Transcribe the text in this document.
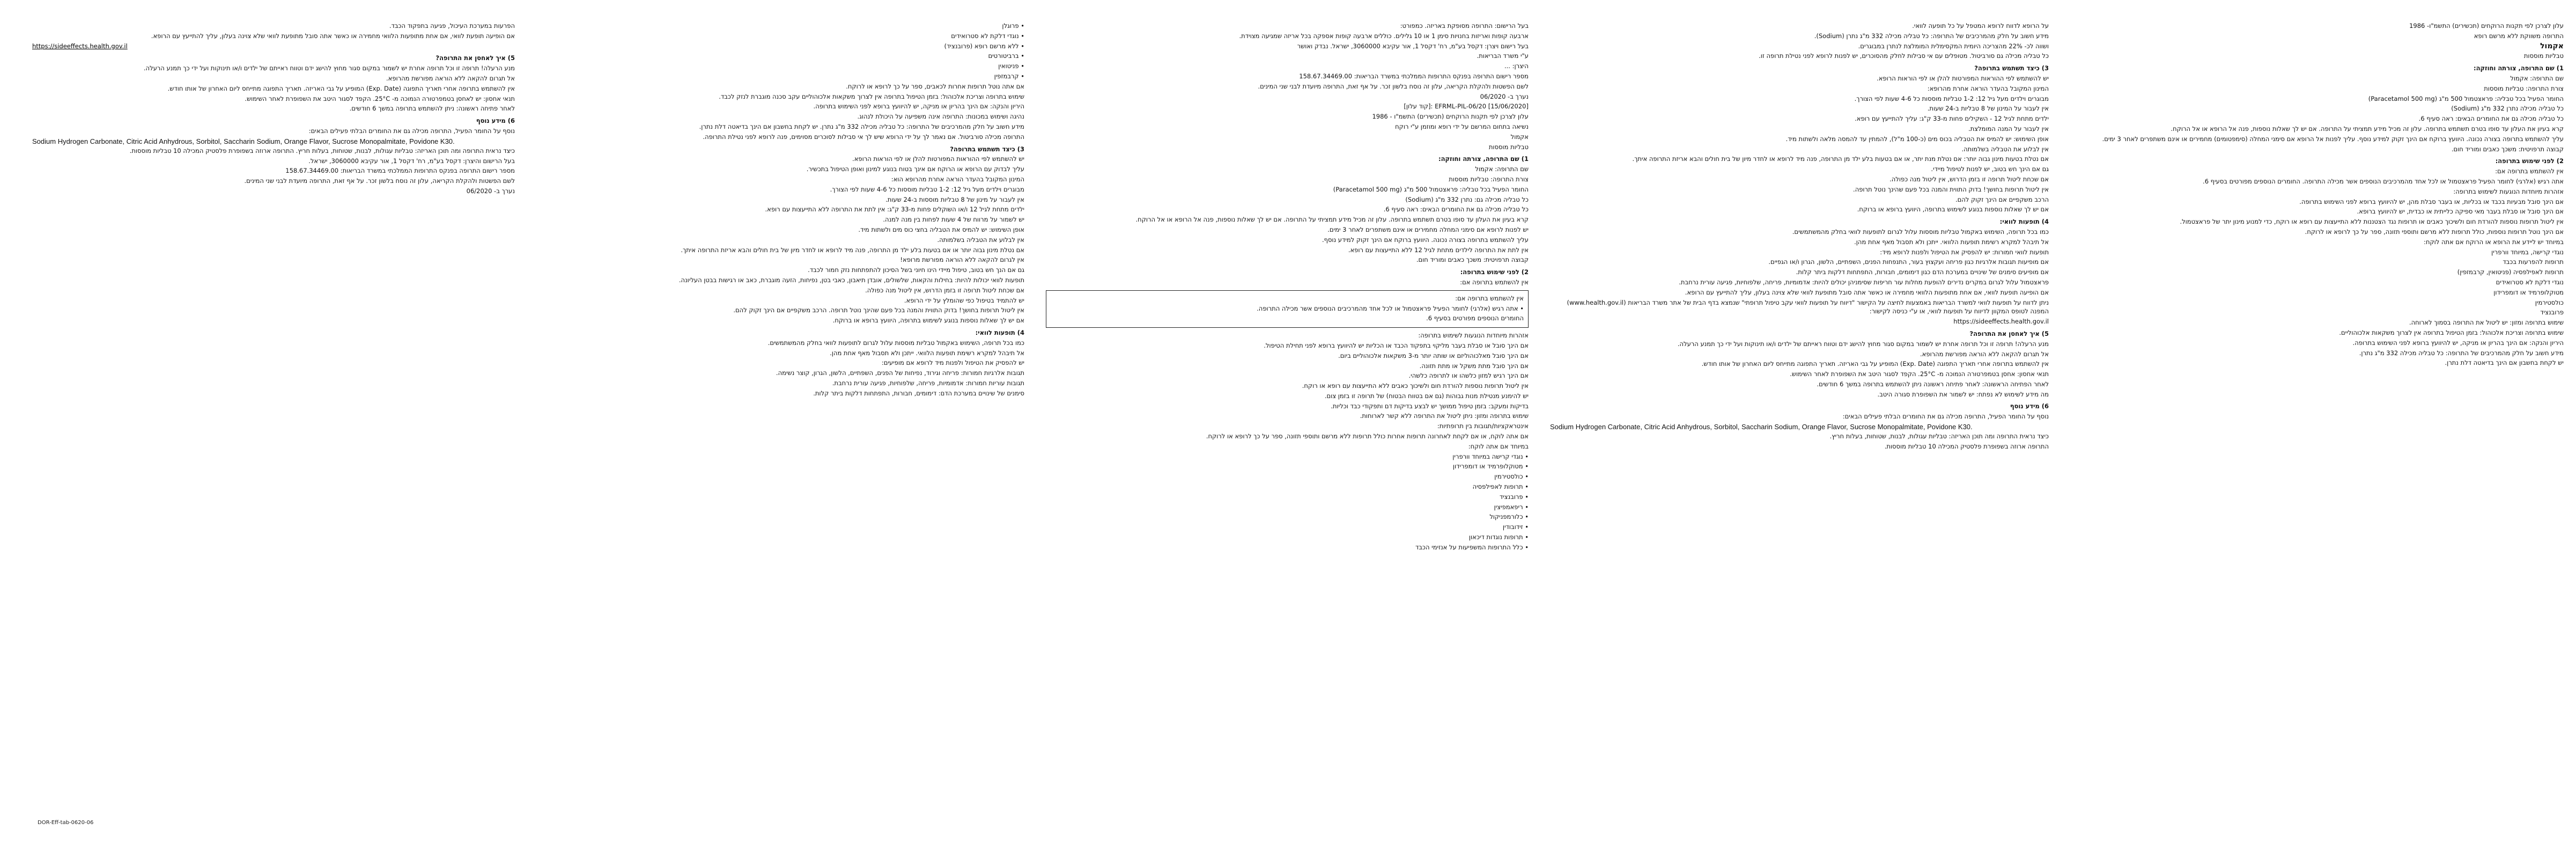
עלון לצרכן לפי תקנות הרוקחים (תכשירים) התשמ"ו- 1986
התרופה משווקת ללא מרשם רופא
אקמול
טבליות מוססות
1) שם התרופה, צורתה וחוזקה:
שם התרופה: אקמול
צורת התרופה: טבליות מוססות
החומר הפעיל בכל טבליה: פראצטמול 500 מ"ג (Paracetamol 500 mg)
כל טבליה מכילה נתרן 332 מ"ג (Sodium)
כל טבליה מכילה גם את החומרים הבאים: ראה סעיף 6.
קרא בעיון את העלון עד סופו בטרם תשתמש בתרופה. עלון זה מכיל מידע תמציתי על התרופה. אם יש לך שאלות נוספות, פנה אל הרופא או אל הרוקח.
עליך להשתמש בתרופה בצורה נכונה. היוועץ ברוקח אם הינך זקוק למידע נוסף. עליך לפנות אל הרופא אם סימני המחלה (סימפטומים) מחמירים או אינם משתפרים לאחר 3 ימים.
קבוצה תרפויטית: משכך כאבים ומוריד חום.
2) לפני שימוש בתרופה:
אין להשתמש בתרופה אם:
אתה רגיש (אלרגי) לחומר הפעיל פראצטמול או לכל אחד מהמרכיבים הנוספים אשר מכילה התרופה. החומרים הנוספים מפורטים בסעיף 6.
אזהרות מיוחדות הנוגעות לשימוש בתרופה:
אם הינך סובל מבעיות בכבד או בכליות, או בעבר סבלת מהן, יש להיוועץ ברופא לפני השימוש בתרופה.
אם הינך סובל או סבלת בעבר מאי ספיקה כלייתית או כבדית, יש להיוועץ ברופא.
אין ליטול תרופות נוספות להורדת חום ולשיכוך כאבים או תרופות נגד הצטננות ללא התייעצות עם רופא או רוקח, כדי למנוע מינון יתר של פראצטמול.
אם הינך נוטל תרופות נוספות, כולל תרופות ללא מרשם ותוספי תזונה, ספר על כך לרופא או לרוקח.
במיוחד יש ליידע את הרופא או הרוקח אם אתה לוקח:
נוגדי קרישה, במיוחד וורפרין
תרופות להפרעות בכבד
תרופות לאפילפסיה (פניטואין, קרבמזפין)
נוגדי דלקת לא סטרואידים
מטוקלופרמיד או דומפרידון
כולסטירמין
פרובנציד
שימוש בתרופה ומזון: יש ליטול את התרופה בסמוך לארוחה.
שימוש בתרופה וצריכת אלכוהול: בזמן הטיפול בתרופה אין לצרוך משקאות אלכוהוליים.
היריון והנקה: אם הינך בהריון או מניקה, יש להיוועץ ברופא לפני השימוש בתרופה.
מידע חשוב על חלק מהמרכיבים של התרופה: כל טבליה מכילה 332 מ"ג נתרן.
יש לקחת בחשבון אם הינך בדיאטה דלת נתרן.
על הרופא לדווח לרופא המטפל על כל תופעה לוואי.
מידע חשוב על חלק מהמרכיבים של התרופה: כל טבליה מכילה 332 מ"ג נתרן (Sodium).
ושווה לכ- 22% מהצריכה היומית המקסימלית המומלצת לנתרן במבוגרים.
כל טבליה מכילה גם סורביטול. מטופלים עם אי סבילות לחלק מהסוכרים, יש לפנות לרופא לפני נטילת תרופה זו.
3) כיצד תשתמש בתרופה?
יש להשתמש לפי ההוראות המפורטות להלן או לפי הוראות הרופא.
המינון המקובל בהעדר הוראה אחרת מהרופא:
מבוגרים וילדים מעל גיל 12: 1-2 טבליות מוססות כל 4-6 שעות לפי הצורך.
אין לעבור על המינון של 8 טבליות ב-24 שעות.
ילדים מתחת לגיל 12 - השקילים פחות מ-33 ק"ג: עליך להתייעץ עם רופא.
אין לעבור על המנה המומלצת.
אופן השימוש: יש להמיס את הטבליה בכוס מים (כ-100 מ"ל), להמתין עד להמסה מלאה ולשתות מיד.
אין לבלוע את הטבליה בשלמותה.
אם נטלת בטעות מינון גבוה יותר: אם נטלת מנת יתר, או אם בטעות בלע ילד מן התרופה, פנה מיד לרופא או לחדר מיון של בית חולים והבא אריזת התרופה איתך.
גם אם הינך חש בטוב, יש לפנות לטיפול מיידי.
אם שכחת ליטול תרופה זו בזמן הדרוש, אין ליטול מנה כפולה.
אין ליטול תרופות בחושך! בדוק התווית והמנה בכל פעם שהינך נוטל תרופה.
הרכב משקפיים אם הינך זקוק להם.
אם יש לך שאלות נוספות בנוגע לשימוש בתרופה, היוועץ ברופא או ברוקח.
4) תופעות לוואי:
כמו בכל תרופה, השימוש באקמול טבליות מוססות עלול לגרום לתופעות לוואי בחלק מהמשתמשים.
אל תיבהל למקרא רשימת תופעות הלוואי. ייתכן ולא תסבול מאף אחת מהן.
תופעות לוואי חמורות: יש להפסיק את הטיפול ולפנות לרופא מיד:
אם מופיעות תגובות אלרגיות כגון פריחה ועקצוץ בעור, התנפחות הפנים, השפתיים, הלשון, הגרון ו/או הגפיים.
אם מופיעים סימנים של שינויים במערכת הדם כגון דימומים, חבורות, התפתחות דלקות ביתר קלות.
פראצטמול עלול לגרום במקרים נדירים להופעת מחלות עור חריפות שסימניהן יכולים להיות: אדמומיות, פריחה, שלפוחיות, פגיעה עורית נרחבת.
אם הופיעה תופעת לוואי, אם אחת מתופעות הלוואי מחמירה או כאשר אתה סובל מתופעת לוואי שלא צוינה בעלון, עליך להתייעץ עם הרופא.
ניתן לדווח על תופעות לוואי למשרד הבריאות באמצעות לחיצה על הקישור "דיווח על תופעות לוואי עקב טיפול תרופתי" שנמצא בדף הבית של אתר משרד הבריאות (www.health.gov.il) המפנה לטופס המקוון לדיווח על תופעות לוואי, או ע"י כניסה לקישור:
https://sideeffects.health.gov.il
5) איך לאחסן את התרופה?
מנע הרעלה! תרופה זו וכל תרופה אחרת יש לשמור במקום סגור מחוץ להישג ידם וטווח ראייתם של ילדים ו/או תינוקות ועל ידי כך תמנע הרעלה.
אל תגרום להקאה ללא הוראה מפורשת מהרופא.
אין להשתמש בתרופה אחרי תאריך התפוגה (Exp. Date) המופיע על גבי האריזה. תאריך התפוגה מתייחס ליום האחרון של אותו חודש.
תנאי אחסון: אחסן בטמפרטורה הנמוכה מ- 25°C. הקפד לסגור היטב את השפופרת לאחר השימוש.
לאחר הפתיחה הראשונה: לאחר פתיחה ראשונה ניתן להשתמש בתרופה במשך 6 חודשים.
מה מידע לשימוש לא נפתח: יש לשמור את השפופרת סגורה היטב.
6) מידע נוסף
נוסף על החומר הפעיל, התרופה מכילה גם את החומרים הבלתי פעילים הבאים:
Sodium Hydrogen Carbonate, Citric Acid Anhydrous, Sorbitol, Saccharin Sodium, Orange Flavor, Sucrose Monopalmitate, Povidone K30.
כיצד נראית התרופה ומה תוכן האריזה: טבליות עגולות, לבנות, שטוחות, בעלות חריץ.
התרופה ארוזה בשפופרת פלסטיק המכילה 10 טבליות מוססות.
בעל הרישום: התרופה מסופקת באריזה. כמפורט:
ארבעה קופות ואריזות בחנויות סימן 1 או 10 גלילים. כוללים ארבעה קופות אספקה בכל אריזה שמגיעה מצוידת.
בעל רישום ויצרן: דקסל בע"מ, רח' דקסל 1, אור עקיבא 3060000, ישראל. נבדק ואושר
ע"י משרד הבריאות.
היצרן: ...
מספר רישום התרופה בפנקס התרופות הממלכתי במשרד הבריאות: 158.67.34469.00
לשם הפשטות ולהקלת הקריאה, עלון זה נוסח בלשון זכר. על אף זאת, התרופה מיועדת לבני שני המינים.
נערך ב- 06/2020
[15/06/2020] EFRML-PIL-06/20 :[קוד עלון]
עלון לצרכן לפי תקנות הרוקחים (תכשירים) התשמ"ו - 1986
נשיאה בתחום המרשם על ידי רופא ומוזמן ע"י רוקח
אקמול
טבליות מוססות
1) שם התרופה, צורתה וחוזקה:
שם התרופה: אקמול
צורת התרופה: טבליות מוססות
החומר הפעיל בכל טבליה: פראצטמול 500 מ"ג (Paracetamol 500 mg)
כל טבליה מכילה גם: נתרן 332 מ"ג (Sodium)
כל טבליה מכילה גם את החומרים הבאים: ראה סעיף 6.
קרא בעיון את העלון עד סופו בטרם תשתמש בתרופה. עלון זה מכיל מידע תמציתי על התרופה. אם יש לך שאלות נוספות, פנה אל הרופא או אל הרוקח.
יש לפנות לרופא אם סימני המחלה מחמירים או אינם משתפרים לאחר 3 ימים.
עליך להשתמש בתרופה בצורה נכונה. היוועץ ברוקח אם הינך זקוק למידע נוסף.
אין לתת את התרופה לילדים מתחת לגיל 12 ללא התייעצות עם רופא.
קבוצה תרפויטית: משכך כאבים ומוריד חום.
2) לפני שימוש בתרופה:
אין להשתמש בתרופה אם:
אין להשתמש בתרופה אם:
• אתה רגיש (אלרגי) לחומר הפעיל פראצטמול או לכל אחד מהמרכיבים הנוספים אשר מכילה התרופה.
החומרים הנוספים מפורטים בסעיף 6.
אזהרות מיוחדות הנוגעות לשימוש בתרופה:
אם הינך סובל או סבלת בעבר מליקוי בתפקוד הכבד או הכליות יש להיוועץ ברופא לפני תחילת הטיפול.
אם הינך סובל מאלכוהוליזם או שותה יותר מ-3 משקאות אלכוהוליים ביום.
אם הינך סובל מתת משקל או מתת תזונה.
אם הינך רגיש למזון כלשהו או לתרופה כלשהי.
אין ליטול תרופות נוספות להורדת חום ולשיכוך כאבים ללא התייעצות עם רופא או רוקח.
יש להימנע מנטילת מנות גבוהות (גם אם בטווח הבטוח) של תרופה זו בזמן צום.
בדיקות ומעקב: בזמן טיפול ממושך יש לבצע בדיקות דם ותפקודי כבד וכליות.
שימוש בתרופה ומזון: ניתן ליטול את התרופה ללא קשר לארוחות.
אינטראקציות/תגובות בין תרופתיות:
אם אתה לוקח, או אם לקחת לאחרונה תרופות אחרות כולל תרופות ללא מרשם ותוספי תזונה, ספר על כך לרופא או לרוקח.
במיוחד אם אתה לוקח:
• נוגדי קרישה במיוחד וורפרין
• מטוקלופרמיד או דומפרידון
• כולסטירמין
• תרופות לאפילפסיה
• פרובנציד
• ריפאמפיצין
• כלורמפניקול
• זידובודין
• תרופות נוגדות דיכאון
• כלל התרופות המשפיעות על אנזימי הכבד
• פרוגלן
• נוגדי דלקת לא סטרואידים
• ללא מרשם רופא (פרובנציד)
• ברביטורטים
• פניטואין
• קרבמזפין
אם אתה נוטל תרופות אחרות לכאבים, ספר על כך לרופא או לרוקח.
שימוש בתרופה וצריכת אלכוהול: בזמן הטיפול בתרופה אין לצרוך משקאות אלכוהוליים עקב סכנה מוגברת לנזק לכבד.
היריון והנקה: אם הינך בהריון או מניקה, יש להיוועץ ברופא לפני השימוש בתרופה.
נהיגה ושימוש במכונות: התרופה אינה משפיעה על היכולת לנהוג.
מידע חשוב על חלק מהמרכיבים של התרופה: כל טבליה מכילה 332 מ"ג נתרן. יש לקחת בחשבון אם הינך בדיאטה דלת נתרן.
התרופה מכילה סורביטול. אם נאמר לך על ידי הרופא שיש לך אי סבילות לסוכרים מסוימים, פנה לרופא לפני נטילת התרופה.
3) כיצד תשתמש בתרופה?
יש להשתמש לפי ההוראות המפורטות להלן או לפי הוראות הרופא.
עליך לבדוק עם הרופא או הרוקח אם אינך בטוח בנוגע למינון ואופן הטיפול בתכשיר.
המינון המקובל בהעדר הוראה אחרת מהרופא הוא:
מבוגרים וילדים מעל גיל 12: 1-2 טבליות מוססות כל 4-6 שעות לפי הצורך.
אין לעבור על מינון של 8 טבליות מוססות ב-24 שעות.
ילדים מתחת לגיל 12 ו/או השוקלים פחות מ-33 ק"ג: אין לתת את התרופה ללא התייעצות עם רופא.
יש לשמור על מרווח של 4 שעות לפחות בין מנה למנה.
אופן השימוש: יש להמיס את הטבליה בחצי כוס מים ולשתות מיד.
אין לבלוע את הטבליה בשלמותה.
אם נטלת מינון גבוה יותר או אם בטעות בלע ילד מן התרופה, פנה מיד לרופא או לחדר מיון של בית חולים והבא אריזת התרופה איתך.
אין לגרום להקאה ללא הוראה מפורשת מרופא!
גם אם הנך חש בטוב, טיפול מיידי הינו חיוני בשל הסיכון להתפתחות נזק חמור לכבד.
תופעות לוואי יכולות להיות: בחילות והקאות, שלשולים, אובדן תיאבון, כאבי בטן, נפיחות, הזעה מוגברת, כאב או רגישות בבטן העליונה.
אם שכחת ליטול תרופה זו בזמן הדרוש, אין ליטול מנה כפולה.
יש להתמיד בטיפול כפי שהומלץ על ידי הרופא.
אין ליטול תרופות בחושך! בדוק התווית והמנה בכל פעם שהינך נוטל תרופה. הרכב משקפיים אם הינך זקוק להם.
אם יש לך שאלות נוספות בנוגע לשימוש בתרופה, היוועץ ברופא או ברוקח.
4) תופעות לוואי:
כמו בכל תרופה, השימוש באקמול טבליות מוססות עלול לגרום לתופעות לוואי בחלק מהמשתמשים.
אל תיבהל למקרא רשימת תופעות הלוואי. ייתכן ולא תסבול מאף אחת מהן.
יש להפסיק את הטיפול ולפנות מיד לרופא אם מופיעים:
תגובות אלרגיות חמורות: פריחה וגירוד, נפיחות של הפנים, השפתיים, הלשון, הגרון, קוצר נשימה.
תגובות עוריות חמורות: אדמומיות, פריחה, שלפוחיות, פגיעה עורית נרחבת.
סימנים של שינויים במערכת הדם: דימומים, חבורות, התפתחות דלקות ביתר קלות.
הפרעות במערכת העיכול, פגיעה בתפקוד הכבד.
אם הופיעה תופעת לוואי, אם אחת מתופעות הלוואי מחמירה או כאשר אתה סובל מתופעת לוואי שלא צוינה בעלון, עליך להתייעץ עם הרופא.
https://sideeffects.health.gov.il
5) איך לאחסן את התרופה?
מנע הרעלה! תרופה זו וכל תרופה אחרת יש לשמור במקום סגור מחוץ להישג ידם וטווח ראייתם של ילדים ו/או תינוקות ועל ידי כך תמנע הרעלה.
אל תגרום להקאה ללא הוראה מפורשת מהרופא.
אין להשתמש בתרופה אחרי תאריך התפוגה (Exp. Date) המופיע על גבי האריזה. תאריך התפוגה מתייחס ליום האחרון של אותו חודש.
תנאי אחסון: יש לאחסן בטמפרטורה הנמוכה מ- 25°C. הקפד לסגור היטב את השפופרת לאחר השימוש.
לאחר פתיחה ראשונה: ניתן להשתמש בתרופה במשך 6 חודשים.
6) מידע נוסף
נוסף על החומר הפעיל, התרופה מכילה גם את החומרים הבלתי פעילים הבאים:
Sodium Hydrogen Carbonate, Citric Acid Anhydrous, Sorbitol, Saccharin Sodium, Orange Flavor, Sucrose Monopalmitate, Povidone K30.
כיצד נראית התרופה ומה תוכן האריזה: טבליות עגולות, לבנות, שטוחות, בעלות חריץ. התרופה ארוזה בשפופרת פלסטיק המכילה 10 טבליות מוססות.
בעל הרישום והיצרן: דקסל בע"מ, רח' דקסל 1, אור עקיבא 3060000, ישראל.
מספר רישום התרופה בפנקס התרופות הממלכתי במשרד הבריאות: 158.67.34469.00
לשם הפשטות ולהקלת הקריאה, עלון זה נוסח בלשון זכר. על אף זאת, התרופה מיועדת לבני שני המינים.
נערך ב- 06/2020
DOR-Eff-tab-0620-06
